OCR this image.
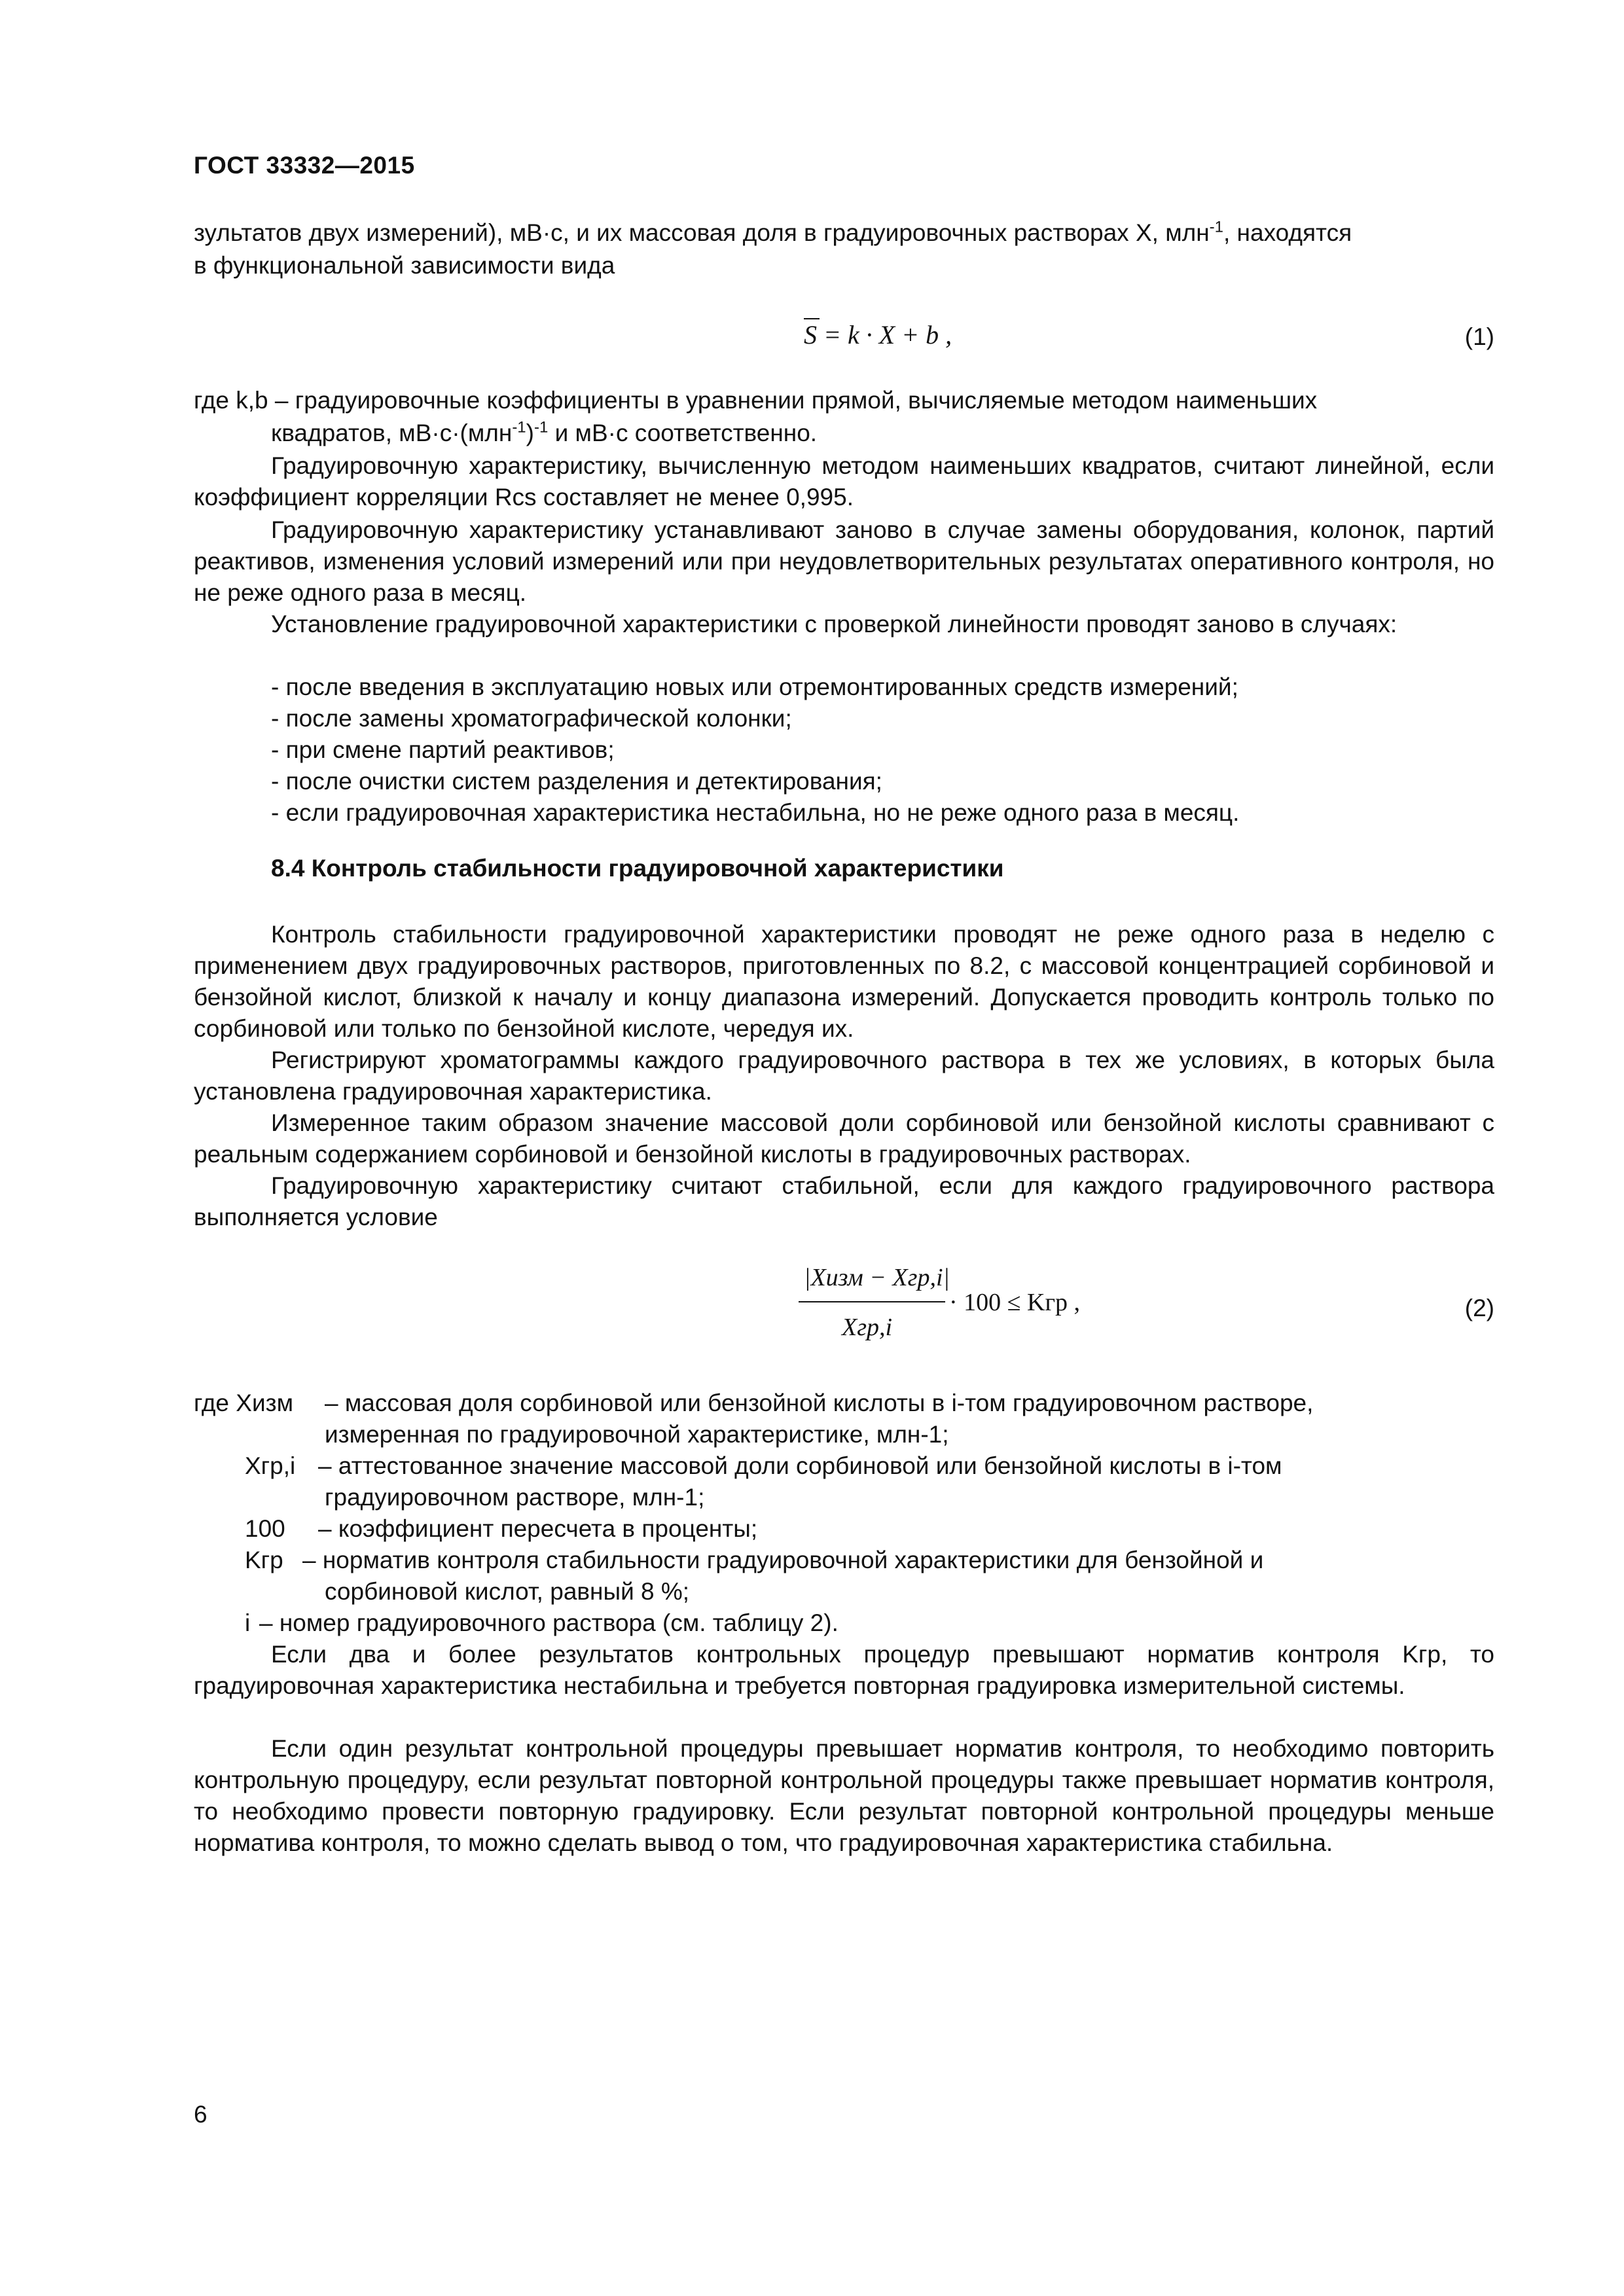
ГОСТ 33332—2015
зультатов двух измерений), мВ·с, и их массовая доля в градуировочных растворах X, млн$^{-1}$, находятся
в функциональной зависимости вида
S = k · X + b ,	(1)
где k,b – градуировочные коэффициенты в уравнении прямой, вычисляемые методом наименьших
квадратов, $мВ\cdot с\cdot(млн^{-1})^{-1}$ и мВ·с соответственно.
Градуировочную характеристику, вычисленную методом наименьших квадратов, считают линейной, если коэффициент корреляции Rcs составляет не менее 0,995.
Градуировочную характеристику устанавливают заново в случае замены оборудования, колонок, партий реактивов, изменения условий измерений или при неудовлетворительных результатах оперативного контроля, но не реже одного раза в месяц.
Установление градуировочной характеристики с проверкой линейности проводят заново в случаях:
- после введения в эксплуатацию новых или отремонтированных средств измерений;
- после замены хроматографической колонки;
- при смене партий реактивов;
- после очистки систем разделения и детектирования;
- если градуировочная характеристика нестабильна, но не реже одного раза в месяц.
8.4 Контроль стабильности градуировочной характеристики
Контроль стабильности градуировочной характеристики проводят не реже одного раза в неделю с применением двух градуировочных растворов, приготовленных по 8.2, с массовой концентрацией сорбиновой и бензойной кислот, близкой к началу и концу диапазона измерений. Допускается проводить контроль только по сорбиновой или только по бензойной кислоте, чередуя их.
Регистрируют хроматограммы каждого градуировочного раствора в тех же условиях, в которых была установлена градуировочная характеристика.
Измеренное таким образом значение массовой доли сорбиновой или бензойной кислоты сравнивают с реальным содержанием сорбиновой и бензойной кислоты в градуировочных растворах.
Градуировочную характеристику считают стабильной, если для каждого градуировочного раствора выполняется условие
|Xизм − Xгр,i|
Xгр,i
· 100 ≤ Kгр ,	(2)
где Xизм – массовая доля сорбиновой или бензойной кислоты в i-том градуировочном растворе,
измеренная по градуировочной характеристике, млн-1;
Xгр,i – аттестованное значение массовой доли сорбиновой или бензойной кислоты в i-том
градуировочном растворе, млн-1;
100 – коэффициент пересчета в проценты;
Kгр – норматив контроля стабильности градуировочной характеристики для бензойной и
сорбиновой кислот, равный 8 %;
i – номер градуировочного раствора (см. таблицу 2).
Если два и более результатов контрольных процедур превышают норматив контроля Kгр, то градуировочная характеристика нестабильна и требуется повторная градуировка измерительной системы.
Если один результат контрольной процедуры превышает норматив контроля, то необходимо повторить контрольную процедуру, если результат повторной контрольной процедуры также превышает норматив контроля, то необходимо провести повторную градуировку. Если результат повторной контрольной процедуры меньше норматива контроля, то можно сделать вывод о том, что градуировочная характеристика стабильна.
6
